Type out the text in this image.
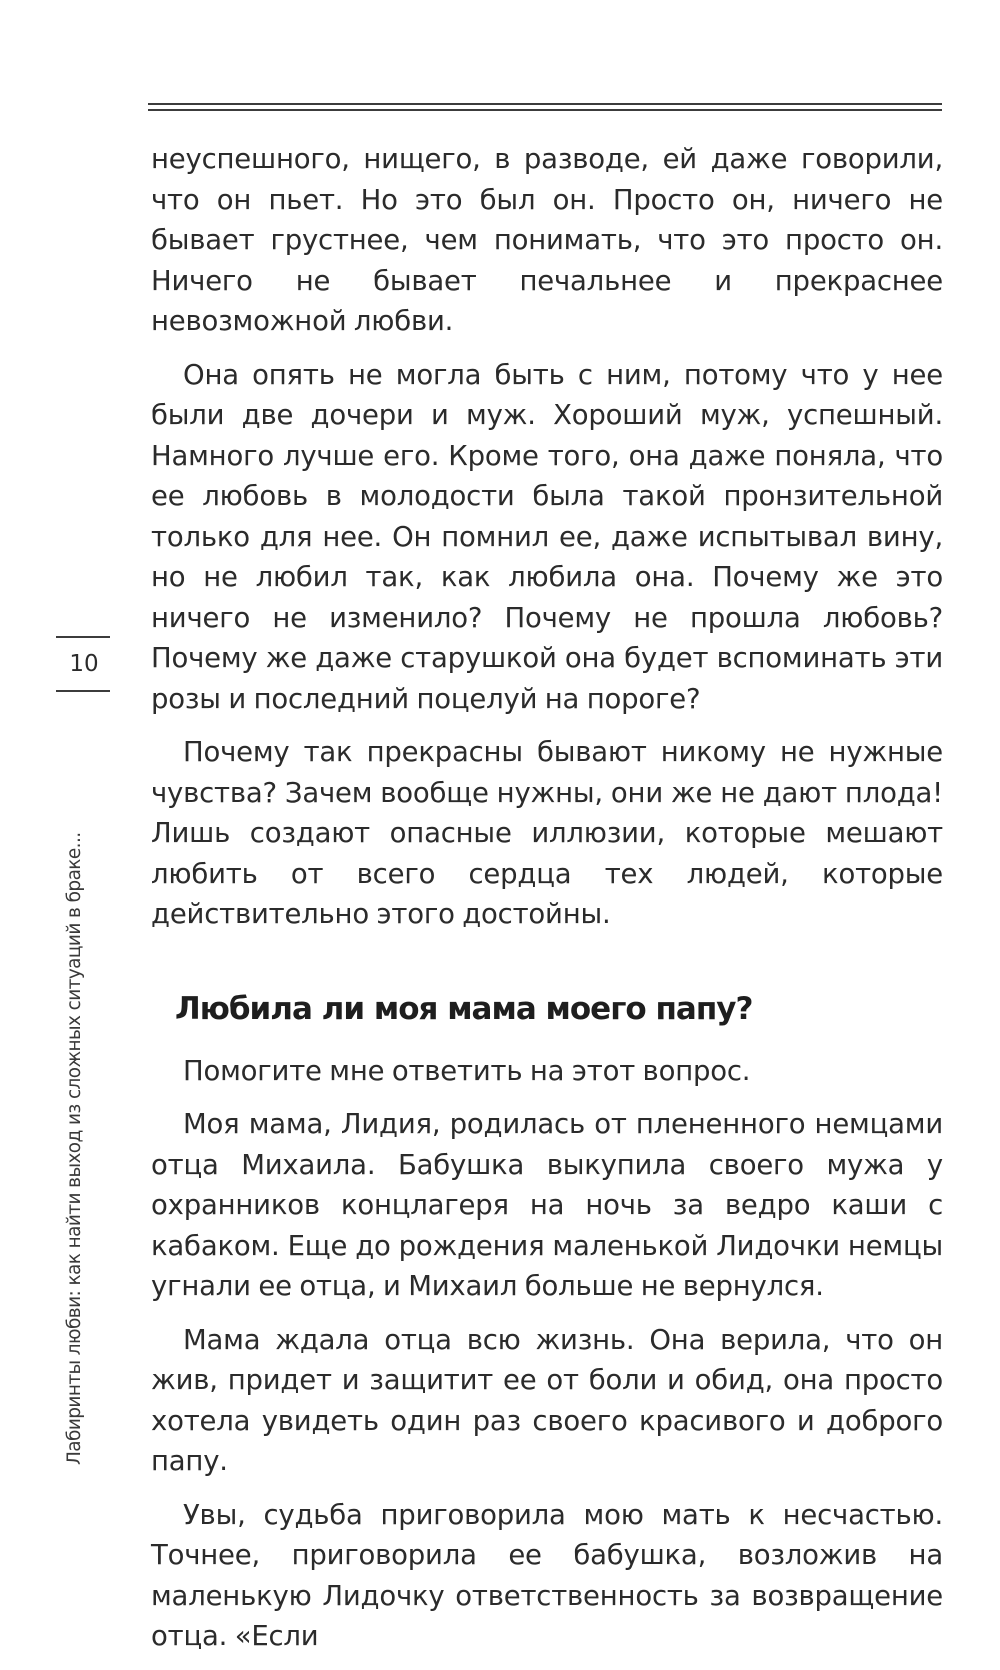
10
Лабиринты любви: как найти выход из сложных ситуаций в браке...

неуспешного, нищего, в разводе, ей даже говорили, что он пьет. Но это был он. Просто он, ничего не бывает грустнее, чем понимать, что это просто он. Ничего не бывает печальнее и прекраснее невозможной любви.

Она опять не могла быть с ним, потому что у нее были две дочери и муж. Хороший муж, успешный. Намного лучше его. Кроме того, она даже поняла, что ее любовь в молодости была такой пронзительной только для нее. Он помнил ее, даже испытывал вину, но не любил так, как любила она. Почему же это ничего не изменило? Почему не прошла любовь? Почему же даже старушкой она будет вспоминать эти розы и последний поцелуй на пороге?

Почему так прекрасны бывают никому не нужные чувства? Зачем вообще нужны, они же не дают плода! Лишь создают опасные иллюзии, которые мешают любить от всего сердца тех людей, которые действительно этого достойны.

Любила ли моя мама моего папу?

Помогите мне ответить на этот вопрос.

Моя мама, Лидия, родилась от плененного немцами отца Михаила. Бабушка выкупила своего мужа у охранников концлагеря на ночь за ведро каши с кабаком. Еще до рождения маленькой Лидочки немцы угнали ее отца, и Михаил больше не вернулся.

Мама ждала отца всю жизнь. Она верила, что он жив, придет и защитит ее от боли и обид, она просто хотела увидеть один раз своего красивого и доброго папу.

Увы, судьба приговорила мою мать к несчастью. Точнее, приговорила ее бабушка, возложив на маленькую Лидочку ответственность за возвращение отца. «Если
